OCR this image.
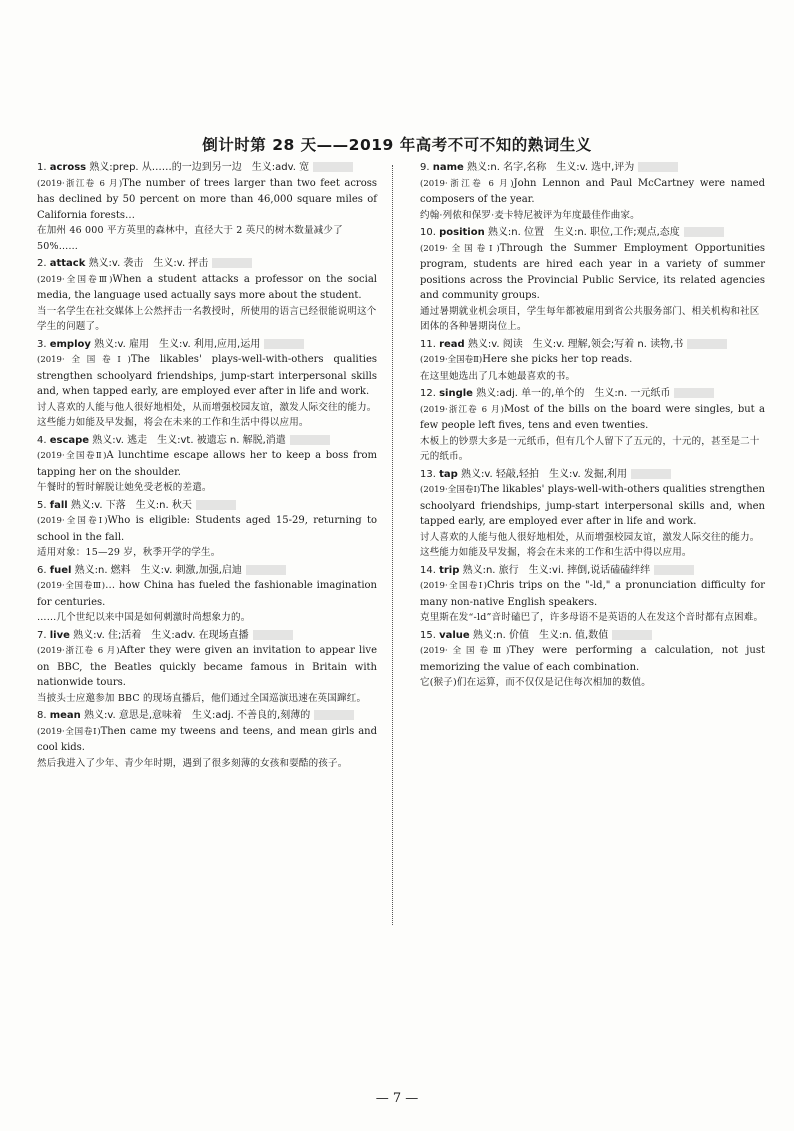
倒计时第 28 天——2019 年高考不可不知的熟词生义
1. across 熟义:prep. 从……的一边到另一边　生义:adv. 宽
(2019·浙江卷 6 月)The number of trees larger than two feet across has declined by 50 percent on more than 46,000 square miles of California forests…
在加州 46 000 平方英里的森林中，直径大于 2 英尺的树木数量减少了 50%……
2. attack 熟义:v. 袭击　生义:v. 抨击
(2019·全国卷Ⅲ)When a student attacks a professor on the social media, the language used actually says more about the student.
当一名学生在社交媒体上公然抨击一名教授时，所使用的语言已经很能说明这个学生的问题了。
3. employ 熟义:v. 雇用　生义:v. 利用,应用,运用
(2019·全国卷Ⅰ)The likables' plays-well-with-others qualities strengthen schoolyard friendships, jump-start interpersonal skills and, when tapped early, are employed ever after in life and work.
讨人喜欢的人能与他人很好地相处，从而增强校园友谊，激发人际交往的能力。这些能力如能及早发掘，将会在未来的工作和生活中得以应用。
4. escape 熟义:v. 逃走　生义:vt. 被遗忘 n. 解脱,消遣
(2019·全国卷Ⅱ)A lunchtime escape allows her to keep a boss from tapping her on the shoulder.
午餐时的暂时解脱让她免受老板的差遣。
5. fall 熟义:v. 下落　生义:n. 秋天
(2019·全国卷Ⅰ)Who is eligible: Students aged 15-29, returning to school in the fall.
适用对象：15—29 岁，秋季开学的学生。
6. fuel 熟义:n. 燃料　生义:v. 刺激,加强,启迪
(2019·全国卷Ⅲ)… how China has fueled the fashionable imagination for centuries.
……几个世纪以来中国是如何刺激时尚想象力的。
7. live 熟义:v. 住;活着　生义:adv. 在现场直播
(2019·浙江卷 6 月)After they were given an invitation to appear live on BBC, the Beatles quickly became famous in Britain with nationwide tours.
当披头士应邀参加 BBC 的现场直播后，他们通过全国巡演迅速在英国蹿红。
8. mean 熟义:v. 意思是,意味着　生义:adj. 不善良的,刻薄的
(2019·全国卷Ⅰ)Then came my tweens and teens, and mean girls and cool kids.
然后我进入了少年、青少年时期，遇到了很多刻薄的女孩和耍酷的孩子。
9. name 熟义:n. 名字,名称　生义:v. 选中,评为
(2019·浙江卷 6 月)John Lennon and Paul McCartney were named composers of the year.
约翰·列侬和保罗·麦卡特尼被评为年度最佳作曲家。
10. position 熟义:n. 位置　生义:n. 职位,工作;观点,态度
(2019·全国卷Ⅰ)Through the Summer Employment Opportunities program, students are hired each year in a variety of summer positions across the Provincial Public Service, its related agencies and community groups.
通过暑期就业机会项目，学生每年都被雇用到省公共服务部门、相关机构和社区团体的各种暑期岗位上。
11. read 熟义:v. 阅读　生义:v. 理解,领会;写着 n. 读物,书
(2019·全国卷Ⅱ)Here she picks her top reads.
在这里她选出了几本她最喜欢的书。
12. single 熟义:adj. 单一的,单个的　生义:n. 一元纸币
(2019·浙江卷 6 月)Most of the bills on the board were singles, but a few people left fives, tens and even twenties.
木板上的钞票大多是一元纸币，但有几个人留下了五元的，十元的，甚至是二十元的纸币。
13. tap 熟义:v. 轻敲,轻拍　生义:v. 发掘,利用
(2019·全国卷Ⅰ)The likables' plays-well-with-others qualities strengthen schoolyard friendships, jump-start interpersonal skills and, when tapped early, are employed ever after in life and work.
讨人喜欢的人能与他人很好地相处，从而增强校园友谊，激发人际交往的能力。这些能力如能及早发掘，将会在未来的工作和生活中得以应用。
14. trip 熟义:n. 旅行　生义:vi. 摔倒,说话磕磕绊绊
(2019·全国卷Ⅰ)Chris trips on the "-ld," a pronunciation difficulty for many non-native English speakers.
克里斯在发“-ld”音时磕巴了，许多母语不是英语的人在发这个音时都有点困难。
15. value 熟义:n. 价值　生义:n. 值,数值
(2019·全国卷Ⅲ)They were performing a calculation, not just memorizing the value of each combination.
它(猴子)们在运算，而不仅仅是记住每次相加的数值。
— 7 —
